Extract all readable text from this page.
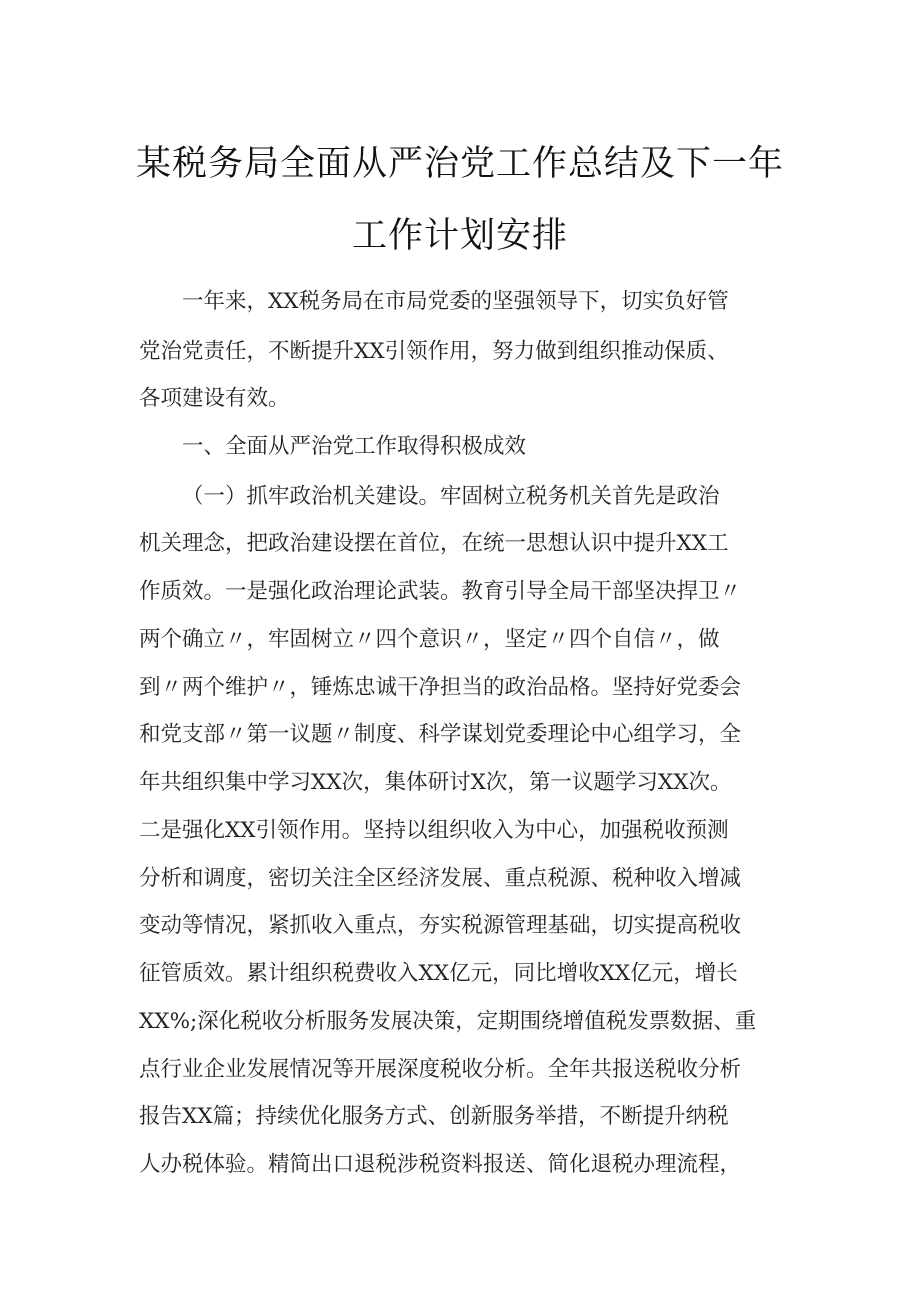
某税务局全面从严治党工作总结及下一年
工作计划安排
一年来，XX税务局在市局党委的坚强领导下，切实负好管
党治党责任，不断提升XX引领作用，努力做到组织推动保质、
各项建设有效。
一、全面从严治党工作取得积极成效
（一）抓牢政治机关建设。牢固树立税务机关首先是政治
机关理念，把政治建设摆在首位，在统一思想认识中提升XX工
作质效。一是强化政治理论武装。教育引导全局干部坚决捍卫〃
两个确立〃，牢固树立〃四个意识〃，坚定〃四个自信〃，做
到〃两个维护〃，锤炼忠诚干净担当的政治品格。坚持好党委会
和党支部〃第一议题〃制度、科学谋划党委理论中心组学习，全
年共组织集中学习XX次，集体研讨X次，第一议题学习XX次。
二是强化XX引领作用。坚持以组织收入为中心，加强税收预测
分析和调度，密切关注全区经济发展、重点税源、税种收入增减
变动等情况，紧抓收入重点，夯实税源管理基础，切实提高税收
征管质效。累计组织税费收入XX亿元，同比增收XX亿元，增长
XX%;深化税收分析服务发展决策，定期围绕增值税发票数据、重
点行业企业发展情况等开展深度税收分析。全年共报送税收分析
报告XX篇；持续优化服务方式、创新服务举措，不断提升纳税
人办税体验。精简出口退税涉税资料报送、简化退税办理流程，
